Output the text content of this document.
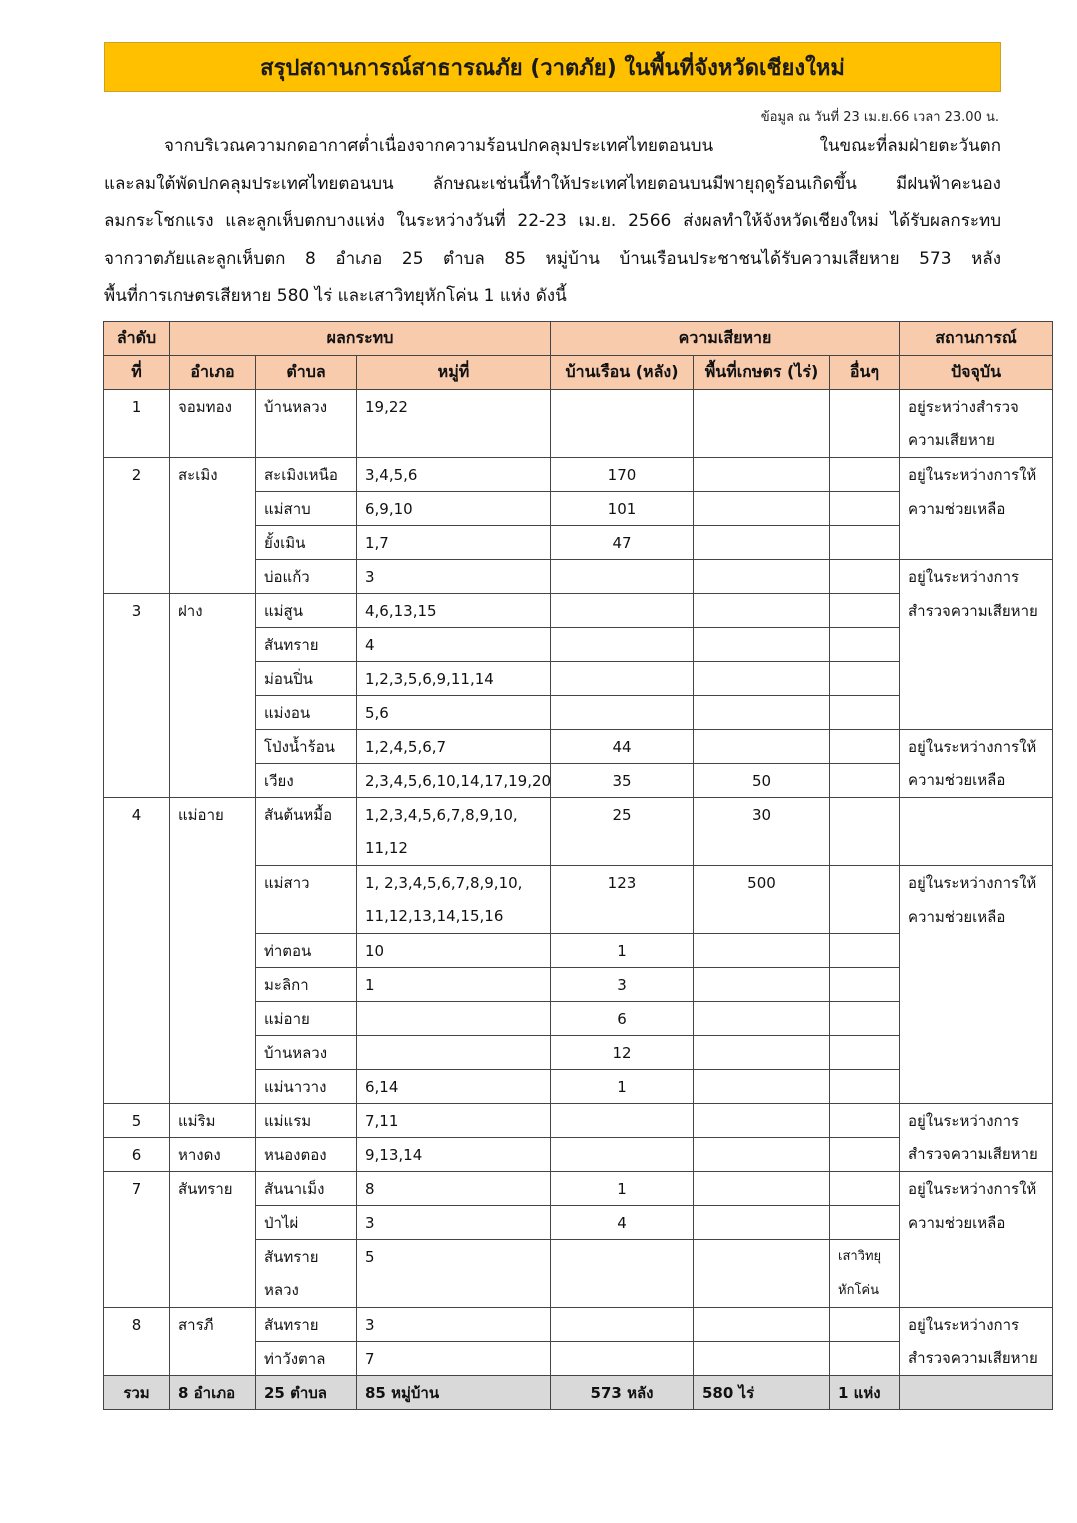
สรุปสถานการณ์สาธารณภัย (วาตภัย) ในพื้นที่จังหวัดเชียงใหม่
ข้อมูล ณ วันที่ 23 เม.ย.66 เวลา 23.00 น.
จากบริเวณความกดอากาศต่ำเนื่องจากความร้อนปกคลุมประเทศไทยตอนบน ในขณะที่ลมฝ่ายตะวันตก
และลมใต้พัดปกคลุมประเทศไทยตอนบน ลักษณะเช่นนี้ทำให้ประเทศไทยตอนบนมีพายุฤดูร้อนเกิดขึ้น มีฝนฟ้าคะนอง
ลมกระโชกแรง และลูกเห็บตกบางแห่ง ในระหว่างวันที่ 22-23 เม.ย. 2566 ส่งผลทำให้จังหวัดเชียงใหม่ ได้รับผลกระทบ
จากวาตภัยและลูกเห็บตก 8 อำเภอ 25 ตำบล 85 หมู่บ้าน บ้านเรือนประชาชนได้รับความเสียหาย 573 หลัง
พื้นที่การเกษตรเสียหาย 580 ไร่ และเสาวิทยุหักโค่น 1 แห่ง ดังนี้
ลำดับ	ผลกระทบ			ความเสียหาย			สถานการณ์
ที่	อำเภอ	ตำบล	หมู่ที่	บ้านเรือน (หลัง)	พื้นที่เกษตร (ไร่)	อื่นๆ	ปัจจุบัน
1	จอมทอง	บ้านหลวง	19,22				อยู่ระหว่างสำรวจ
							ความเสียหาย
2	สะเมิง	สะเมิงเหนือ	3,4,5,6	170			อยู่ในระหว่างการให้
		แม่สาบ	6,9,10	101			ความช่วยเหลือ
		ยั้งเมิน	1,7	47			
		บ่อแก้ว	3				อยู่ในระหว่างการ
3	ฝาง	แม่สูน	4,6,13,15				สำรวจความเสียหาย
		สันทราย	4				
		ม่อนปิ่น	1,2,3,5,6,9,11,14				
		แม่งอน	5,6				
		โป่งน้ำร้อน	1,2,4,5,6,7	44			อยู่ในระหว่างการให้
		เวียง	2,3,4,5,6,10,14,17,19,20	35	50		ความช่วยเหลือ
4	แม่อาย	สันต้นหมื้อ	1,2,3,4,5,6,7,8,9,10,	25	30		
			11,12				
		แม่สาว	1, 2,3,4,5,6,7,8,9,10,	123	500		อยู่ในระหว่างการให้
			11,12,13,14,15,16				ความช่วยเหลือ
		ท่าตอน	10	1			
		มะลิกา	1	3			
		แม่อาย		6			
		บ้านหลวง		12			
		แม่นาวาง	6,14	1			
5	แม่ริม	แม่แรม	7,11				อยู่ในระหว่างการ
6	หางดง	หนองตอง	9,13,14				สำรวจความเสียหาย
7	สันทราย	สันนาเม็ง	8	1			อยู่ในระหว่างการให้
		ป่าไผ่	3	4			ความช่วยเหลือ
		สันทราย	5			เสาวิทยุ	
		หลวง				หักโค่น	
8	สารภี	สันทราย	3				อยู่ในระหว่างการ
		ท่าวังตาล	7				สำรวจความเสียหาย
รวม	8 อำเภอ	25 ตำบล	85 หมู่บ้าน	573 หลัง	580 ไร่	1 แห่ง	
